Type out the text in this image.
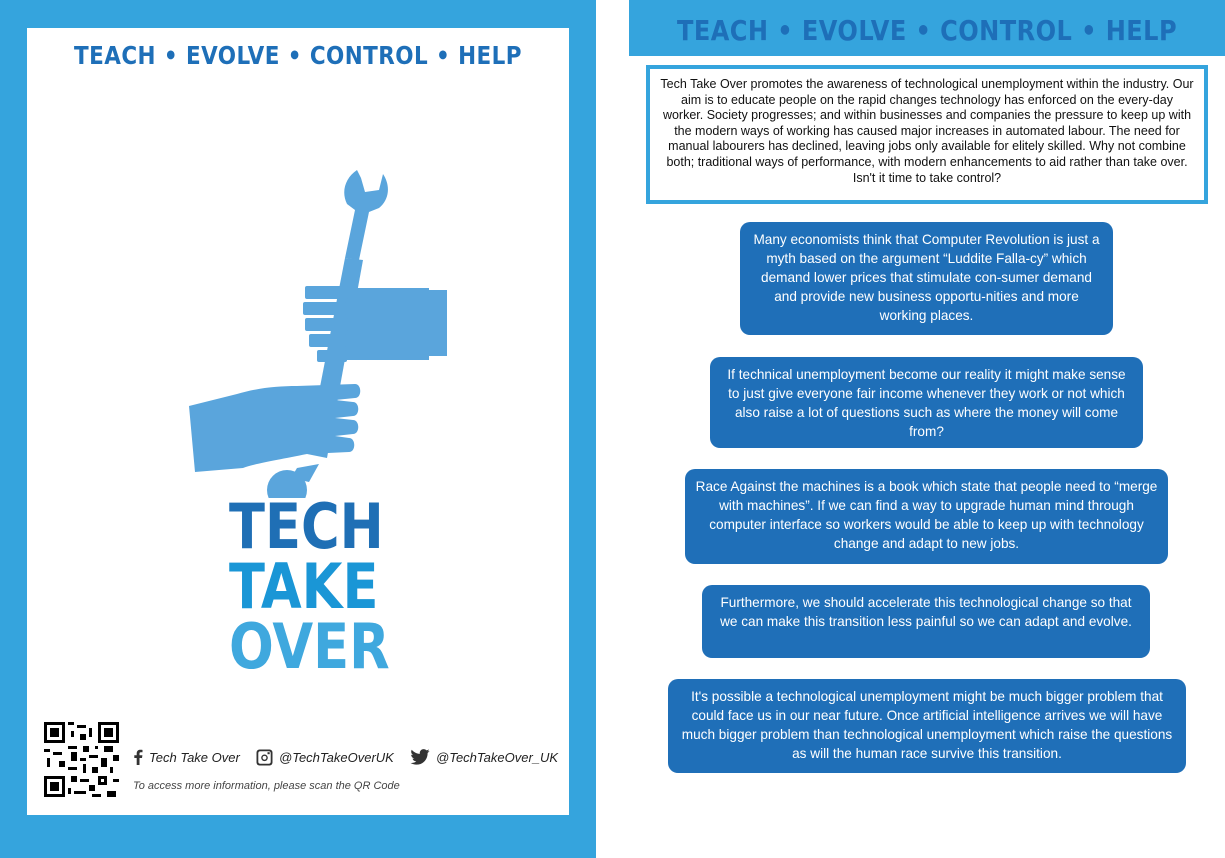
TEACH • EVOLVE • CONTROL • HELP
TECH
TAKE
OVER
Tech Take Over	@TechTakeOverUK	@TechTakeOver_UK
To access more information, please scan the QR Code
TEACH • EVOLVE • CONTROL • HELP
Tech Take Over promotes the awareness of technological unemployment within the industry. Our aim is to educate people on the rapid changes technology has enforced on the every-day worker. Society progresses; and within businesses and companies the pressure to keep up with the modern ways of working has caused major increases in automated labour. The need for manual labourers has declined, leaving jobs only available for elitely skilled. Why not combine both; traditional ways of performance, with modern enhancements to aid rather than take over. Isn't it time to take control?
Many economists think that Computer Revolution is just a myth based on the argument “Luddite Falla-cy” which demand lower prices that stimulate con-sumer demand and provide new business opportu-nities and more working places.
If technical unemployment become our reality it might make sense to just give everyone fair income whenever they work or not which also raise a lot of questions such as where the money will come from?
Race Against the machines is a book which state that people need to “merge with machines”. If we can find a way to upgrade human mind through computer interface so workers would be able to keep up with technology change and adapt to new jobs.
Furthermore, we should accelerate this technological change so that we can make this transition less painful so we can adapt and evolve.
It's possible a technological unemployment might be much bigger problem that could face us in our near future. Once artificial intelligence arrives we will have much bigger problem than technological unemployment which raise the questions as will the human race survive this transition.
